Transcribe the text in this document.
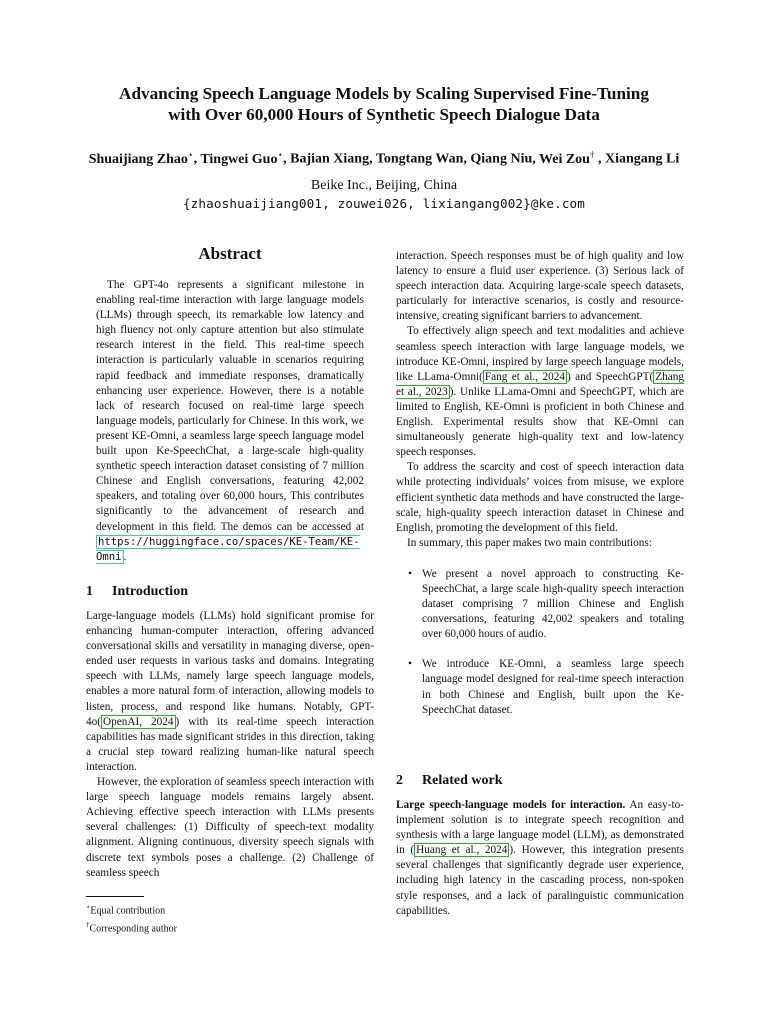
Advancing Speech Language Models by Scaling Supervised Fine-Tuning
with Over 60,000 Hours of Synthetic Speech Dialogue Data
Shuaijiang Zhao⋆, Tingwei Guo⋆, Bajian Xiang, Tongtang Wan, Qiang Niu, Wei Zou† , Xiangang Li
Beike Inc., Beijing, China
{zhaoshuaijiang001, zouwei026, lixiangang002}@ke.com
Abstract

The GPT-4o represents a significant milestone in enabling real-time interaction with large language models (LLMs) through speech, its remarkable low latency and high fluency not only capture attention but also stimulate research interest in the field. This real-time speech interaction is particularly valuable in scenarios requiring rapid feedback and immediate responses, dramatically enhancing user experience. However, there is a notable lack of research focused on real-time large speech language models, particularly for Chinese. In this work, we present KE-Omni, a seamless large speech language model built upon Ke-SpeechChat, a large-scale high-quality synthetic speech interaction dataset consisting of 7 million Chinese and English conversations, featuring 42,002 speakers, and totaling over 60,000 hours, This contributes significantly to the advancement of research and development in this field. The demos can be accessed at https://huggingface.co/spaces/KE-Team/KE-Omni .

1 Introduction

Large-language models (LLMs) hold significant promise for enhancing human-computer interaction, offering advanced conversational skills and versatility in managing diverse, open-ended user requests in various tasks and domains. Integrating speech with LLMs, namely large speech language models, enables a more natural form of interaction, allowing models to listen, process, and respond like humans. Notably, GPT-4o( OpenAI, 2024 ) with its real-time speech interaction capabilities has made significant strides in this direction, taking a crucial step toward realizing human-like natural speech interaction.

However, the exploration of seamless speech interaction with large speech language models remains largely absent. Achieving effective speech interaction with LLMs presents several challenges: (1) Difficulty of speech-text modality alignment. Aligning continuous, diversity speech signals with discrete text symbols poses a challenge. (2) Challenge of seamless speech

⋆Equal contribution
†Corresponding author

interaction. Speech responses must be of high quality and low latency to ensure a fluid user experience. (3) Serious lack of speech interaction data. Acquiring large-scale speech datasets, particularly for interactive scenarios, is costly and resource-intensive, creating significant barriers to advancement.

To effectively align speech and text modalities and achieve seamless speech interaction with large language models, we introduce KE-Omni, inspired by large speech language models, like LLama-Omni( Fang et al., 2024 ) and SpeechGPT( Zhang et al., 2023 ). Unlike LLama-Omni and SpeechGPT, which are limited to English, KE-Omni is proficient in both Chinese and English. Experimental results show that KE-Omni can simultaneously generate high-quality text and low-latency speech responses.

To address the scarcity and cost of speech interaction data while protecting individuals’ voices from misuse, we explore efficient synthetic data methods and have constructed the large-scale, high-quality speech interaction dataset in Chinese and English, promoting the development of this field.

In summary, this paper makes two main contributions:

• We present a novel approach to constructing Ke-SpeechChat, a large scale high-quality speech interaction dataset comprising 7 million Chinese and English conversations, featuring 42,002 speakers and totaling over 60,000 hours of audio.
• We introduce KE-Omni, a seamless large speech language model designed for real-time speech interaction in both Chinese and English, built upon the Ke-SpeechChat dataset.
2 Related work

Large speech-language models for interaction. An easy-to-implement solution is to integrate speech recognition and synthesis with a large language model (LLM), as demonstrated in ( Huang et al., 2024 ). However, this integration presents several challenges that significantly degrade user experience, including high latency in the cascading process, non-spoken style responses, and a lack of paralinguistic communication capabilities.
